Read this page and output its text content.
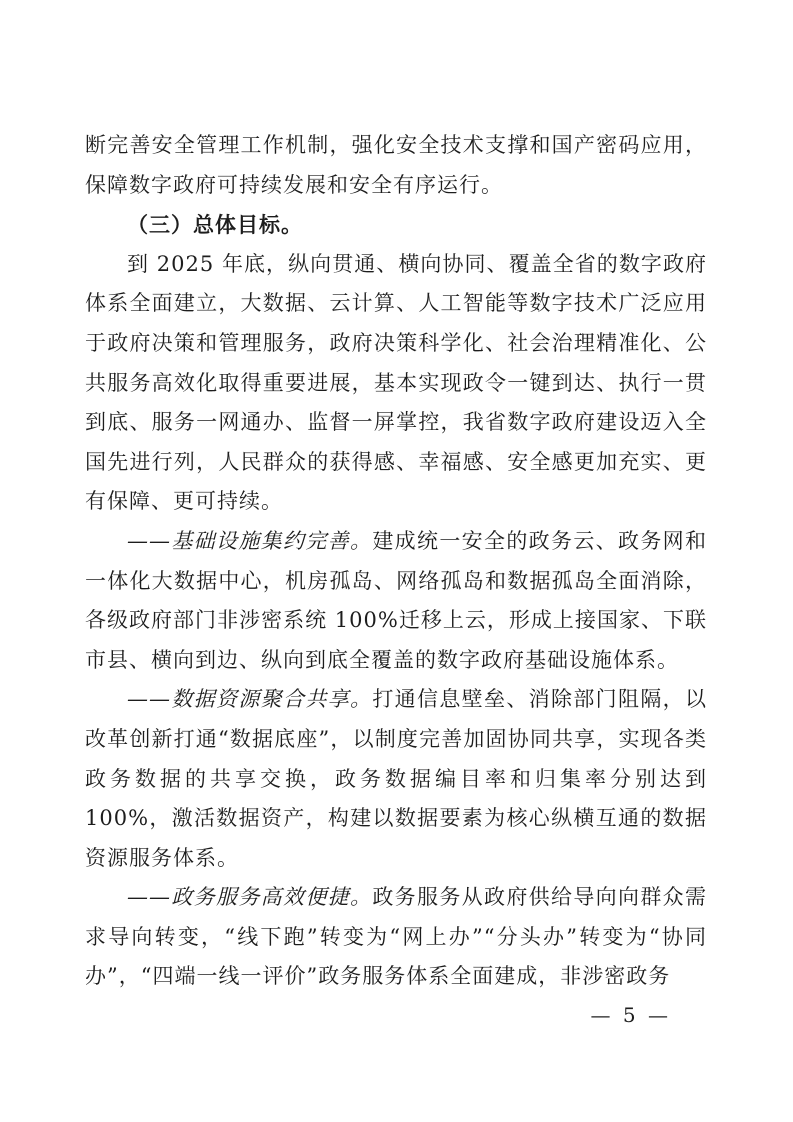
断完善安全管理工作机制，强化安全技术支撑和国产密码应用，保障数字政府可持续发展和安全有序运行。

（三）总体目标。

到 2025 年底，纵向贯通、横向协同、覆盖全省的数字政府体系全面建立，大数据、云计算、人工智能等数字技术广泛应用于政府决策和管理服务，政府决策科学化、社会治理精准化、公共服务高效化取得重要进展，基本实现政令一键到达、执行一贯到底、服务一网通办、监督一屏掌控，我省数字政府建设迈入全国先进行列，人民群众的获得感、幸福感、安全感更加充实、更有保障、更可持续。

——基础设施集约完善。建成统一安全的政务云、政务网和一体化大数据中心，机房孤岛、网络孤岛和数据孤岛全面消除，各级政府部门非涉密系统 100%迁移上云，形成上接国家、下联市县、横向到边、纵向到底全覆盖的数字政府基础设施体系。

——数据资源聚合共享。打通信息壁垒、消除部门阻隔，以改革创新打通“数据底座”，以制度完善加固协同共享，实现各类政务数据的共享交换，政务数据编目率和归集率分别达到 100%，激活数据资产，构建以数据要素为核心纵横互通的数据资源服务体系。

——政务服务高效便捷。政务服务从政府供给导向向群众需求导向转变，“线下跑”转变为“网上办”“分头办”转变为“协同办”，“四端一线一评价”政务服务体系全面建成，非涉密政务

— 5 —
